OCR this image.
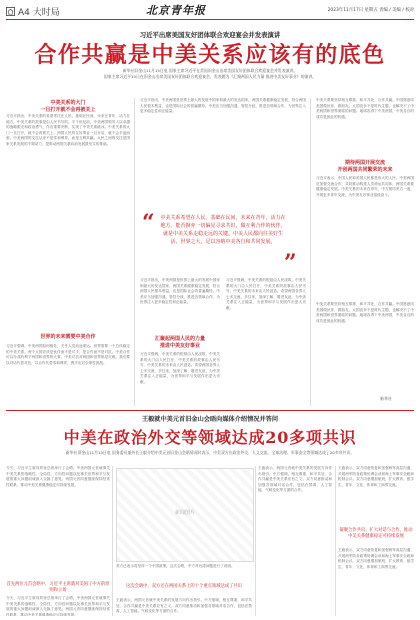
A4 大时局	北京青年报	2023年11月17日 星期五 责编 / 美编 / 校对
习近平出席美国友好团体联合欢迎宴会并发表演讲
合作共赢是中美关系应该有的底色
新华社旧金山11月15日电 国家主席习近平在美国旧金山出席美国友好团体联合欢迎宴会并发表演讲。
国家主席习近平15日在旧金山出席美国友好团体联合欢迎宴会，发表题为《汇聚两国人民力量 推进中美友好事业》的演讲。
中美关系的大门
一旦打开就不会再被关上
习近平指出，中美关系的希望寄托在人民，基础在民间，未来在青年，活力在地方。中美关系的故事是由人民书写的。半个世纪前，中美两国领导人以卓越的战略眼光和政治勇气，作出重要决断，实现了中美关系破冰。中美关系的大门一旦打开，就不会再被关上。两国人民的友好事业一旦开启，就不会半途而废。中美两国的交往从来不是零和博弈，而是互利共赢。人民之间的交往是国家关系发展的不竭动力，是推动两国关系向前发展最坚实的基础。
世界的未来需要中美合作
习近平强调，中美两国如何相处，关乎人类前途命运。世界需要一个总体稳定的中美关系。两个大国应该是伙伴而不是对手，是合作而不是对抗。中美合作可以办成有利于两国和世界的大事，中美对抗对两国和世界都是灾难。我们要以对话代替对抗，以合作代替零和博弈，携手应对全球性挑战。
“ 中美关系希望在人民，基础在民间，未来在青年，活力在地方。能否摒弃一切偏见寻求共识，做互利合作的伙伴，就是中美关系走稳走远的关键。中美人民都向往美好生活，世界之大，足以容纳中美各自和共同发展。
”
习近平指出，中美两国是世界上最大的发展中国家和最大的发达国家，两国关系健康稳定发展，符合两国人民根本利益，也是国际社会的普遍期待。中美应当加强沟通，管控分歧，推进各领域合作，为世界注入更多稳定性和正能量。
习近平指出，中美两国是世界上最大的发展中国家和最大的发达国家，两国关系健康稳定发展，符合两国人民根本利益，也是国际社会的普遍期待。中美应当加强沟通，管控分歧，推进各领域合作，为世界注入更多稳定性和正能量。
汇聚起两国人民的力量
推进中美友好事业
习近平强调，中美关系的根基由人民浇筑，中美关系的大门由人民打开，中美关系的故事由人民书写，中美关系的未来由人民创造。希望两国各界人士多交流、多往来，加深了解、增进友谊，为中美关系注入正能量，为世界和平与发展作出更大贡献。
习近平强调，中美关系的根基由人民浇筑，中美关系的大门由人民打开，中美关系的故事由人民书写，中美关系的未来由人民创造。希望两国各界人士多交流、多往来，加深了解、增进友谊，为中美关系注入正能量，为世界和平与发展作出更大贡献。
中美关系要坚持相互尊重、和平共处、合作共赢。中国愿意同美国做伙伴，做朋友。大国竞争不是时代主题，也解决不了中美两国和世界面临的问题。地球容得下中美两国，中美各自的成功是彼此的机遇。
期待两国开展交流
开创两国共同繁荣的未来
习近平表示，中国人民和美国人民都是伟大的人民。中美两国应加强交流合作，共同推动构建人类命运共同体，两国关系要健康稳定发展。中美关系的未来在青年，中方愿同美方一道，开展更多青年交流，为中美友好事业接续奋斗。
中美关系要坚持相互尊重、和平共处、合作共赢。中国愿意同美国做伙伴，做朋友。大国竞争不是时代主题，也解决不了中美两国和世界面临的问题。地球容得下中美两国，中美各自的成功是彼此的机遇。
新华社
王毅就中美元首旧金山会晤向媒体介绍情况并答问
中美在政治外交等领域达成20多项共识
新华社旧金山11月15日电 国务委员兼外长王毅介绍中美元首旧金山会晤情况时表示，中美双方在政治外交、人文交流、全球治理、军事安全等领域达成了20多项共识。
今天，习近平主席同拜登总统举行了会晤。中美两国元首就事关中美关系的战略性、全局性、方向性问题以及事关世界和平与发展的重大问题坦诚深入交换了意见。两国元首同意继续保持经常性联系，推动中美关系健康稳定可持续发展。
首先两位元首会晤中，习近平主席就对美国了中方的原则和立场
今天，习近平主席同拜登总统举行了会晤。中美两国元首就事关中美关系的战略性、全局性、方向性问题以及事关世界和平与发展的重大问题坦诚深入交换了意见。两国元首同意继续保持经常性联系，推动中美关系健康稳定可持续发展。
新闻图片
美方已表示将坚持一个中国政策，这次会晤，中方对台湾问题进行了说明。
这次会晤中，双方还在两国关系上的十个重点领域达成了共识
王毅表示，两国元首就中美关系的发展方向作出指引。中方强调，相互尊重、和平共处、合作共赢是中美关系应有之义。双方同意推动和加强各领域对话合作，包括在禁毒、人工智能、气候变化等方面的合作。
王毅表示，两国元首就中美关系的发展方向作出指引。中方强调，相互尊重、和平共处、合作共赢是中美关系应有之义。双方同意推动和加强各领域对话合作，包括在禁毒、人工智能、气候变化等方面的合作。
王毅表示，双方同意恢复和加强两军高层沟通，开展两军防务政策协调会谈和海上军事安全磋商机制会议。双方同意增加航班，扩大教育、留学生、青年、文化、体育和工商界交流。
凝聚合作共识，扩大对话与合作，推动中美关系健康稳定可持续发展
王毅表示，双方同意恢复和加强两军高层沟通，开展两军防务政策协调会谈和海上军事安全磋商机制会议。双方同意增加航班，扩大教育、留学生、青年、文化、体育和工商界交流。
